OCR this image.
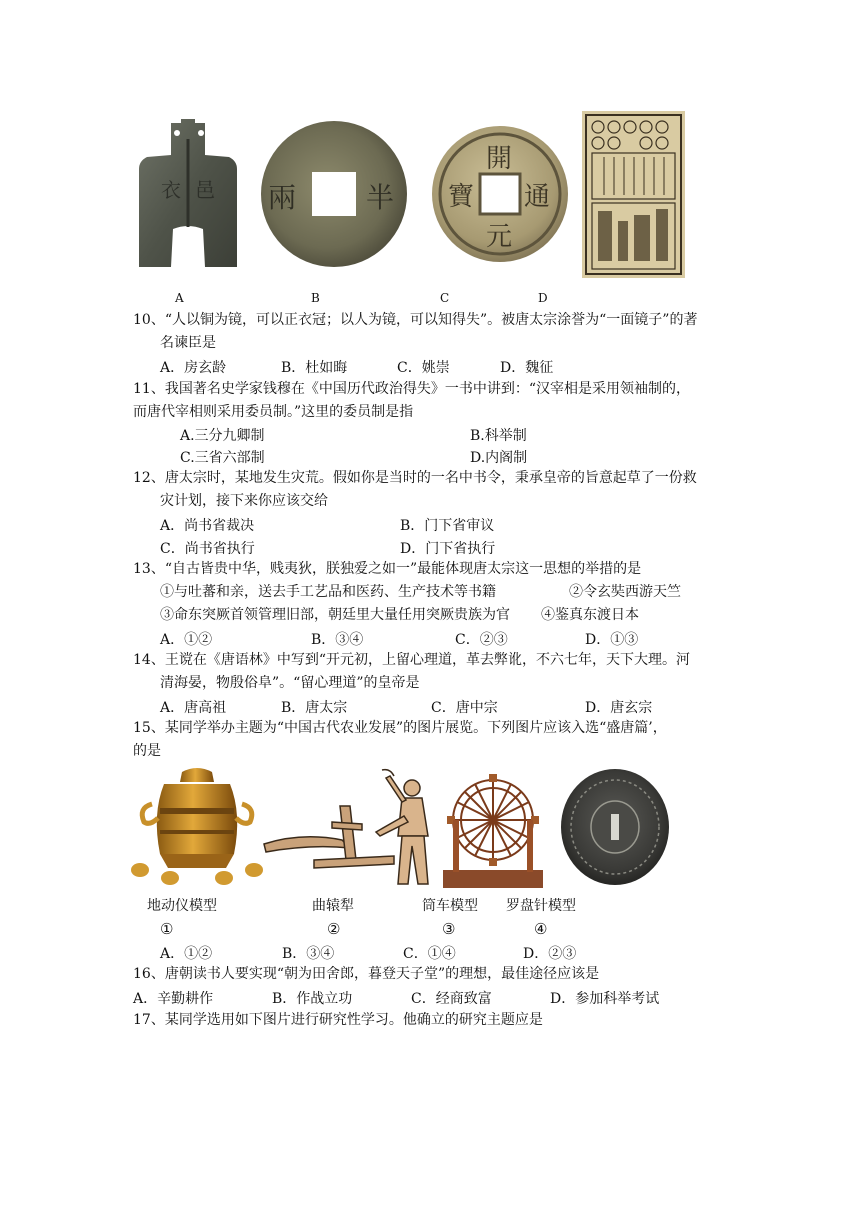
衣 邑 兩 半
開
元
寶 通
A	B	C	D
10、“人以铜为镜，可以正衣冠；以人为镜，可以知得失”。被唐太宗涂誉为“一面镜子”的著
名谏臣是
A．房玄龄	B．杜如晦	C．姚崇	D．魏征
11、我国著名史学家钱穆在《中国历代政治得失》一书中讲到：“汉宰相是采用领袖制的，
而唐代宰相则采用委员制。”这里的委员制是指
A.三分九卿制	B.科举制
C.三省六部制	D.内阁制
12、唐太宗时，某地发生灾荒。假如你是当时的一名中书令，秉承皇帝的旨意起草了一份救
灾计划，接下来你应该交给
A．尚书省裁决	B．门下省审议
C．尚书省执行	D．门下省执行
13、“自古皆贵中华，贱夷狄，朕独爱之如一”最能体现唐太宗这一思想的举措的是
①与吐蕃和亲，送去手工艺品和医药、生产技术等书籍	②令玄奘西游天竺
③命东突厥首领管理旧部，朝廷里大量任用突厥贵族为官 ④鉴真东渡日本
A．①②	B．③④	C．②③	D．①③
14、王谠在《唐语林》中写到“开元初，上留心理道，革去弊讹，不六七年，天下大理。河
清海晏，物殷俗阜”。“留心理道”的皇帝是
A．唐高祖	B．唐太宗	C．唐中宗	D．唐玄宗
15、某同学举办主题为“中国古代农业发展”的图片展览。下列图片应该入选“盛唐篇’，
的是
地动仪模型	曲辕犁	筒车模型 罗盘针模型
①	②	③	④
A．①②	B．③④	C．①④	D．②③
16、唐朝读书人要实现“朝为田舍郎，暮登天子堂”的理想，最佳途径应该是
A．辛勤耕作	B．作战立功	C．经商致富	D．参加科举考试
17、某同学选用如下图片进行研究性学习。他确立的研究主题应是
